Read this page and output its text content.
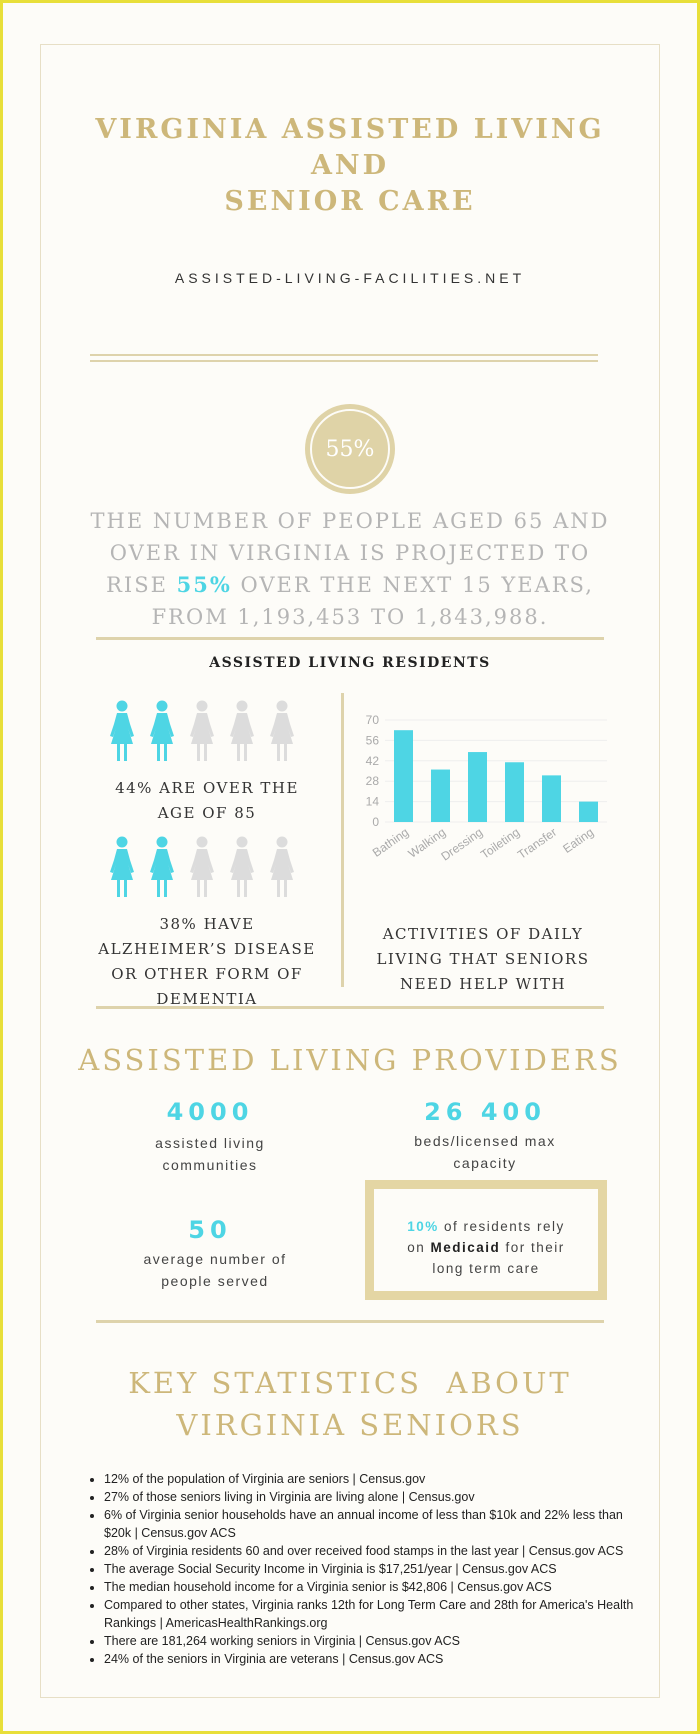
VIRGINIA ASSISTED LIVING
AND
SENIOR CARE
ASSISTED-LIVING-FACILITIES.NET
55%
THE NUMBER OF PEOPLE AGED 65 AND OVER IN VIRGINIA IS PROJECTED TO RISE 55% OVER THE NEXT 15 YEARS, FROM 1,193,453 TO 1,843,988.
ASSISTED LIVING RESIDENTS
44% ARE OVER THE AGE OF 85
38% HAVE ALZHEIMER’S DISEASE OR OTHER FORM OF DEMENTIA
0
14
28
42
56
70
Bathing
Walking
Dressing
Toileting
Transfer Eating
ACTIVITIES OF DAILY LIVING THAT SENIORS NEED HELP WITH
ASSISTED LIVING PROVIDERS
4000
assisted living communities
26 400
beds/licensed max capacity
50
average number of people served
10% of residents rely on Medicaid for their long term care
KEY STATISTICS  ABOUT
VIRGINIA SENIORS
• 12% of the population of Virginia are seniors | Census.gov
• 27% of those seniors living in Virginia are living alone | Census.gov
• 6% of Virginia senior households have an annual income of less than $10k and 22% less than $20k | Census.gov ACS
• 28% of Virginia residents 60 and over received food stamps in the last year | Census.gov ACS
• The average Social Security Income in Virginia is $17,251/year | Census.gov ACS
• The median household income for a Virginia senior is $42,806 | Census.gov ACS
• Compared to other states, Virginia ranks 12th for Long Term Care and 28th for America's Health Rankings | AmericasHealthRankings.org
• There are 181,264 working seniors in Virginia | Census.gov ACS
• 24% of the seniors in Virginia are veterans | Census.gov ACS
